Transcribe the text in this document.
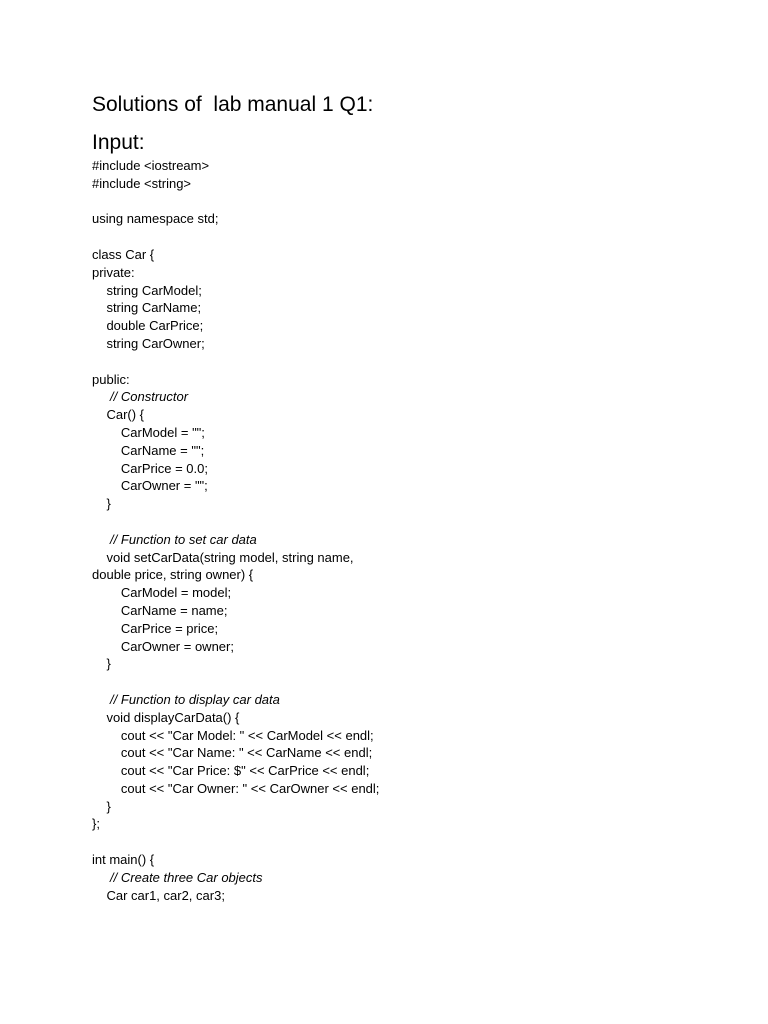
Solutions of  lab manual 1 Q1:
Input:
#include <iostream>
#include <string>
using namespace std;
class Car {
private:
string CarModel;
string CarName;
double CarPrice;
string CarOwner;
public:
// Constructor
Car() {
CarModel = "";
CarName = "";
CarPrice = 0.0;
CarOwner = "";
}
// Function to set car data
void setCarData(string model, string name,
double price, string owner) {
CarModel = model;
CarName = name;
CarPrice = price;
CarOwner = owner;
}
// Function to display car data
void displayCarData() {
cout << "Car Model: " << CarModel << endl;
cout << "Car Name: " << CarName << endl;
cout << "Car Price: $" << CarPrice << endl;
cout << "Car Owner: " << CarOwner << endl;
}
};
int main() {
// Create three Car objects
Car car1, car2, car3;
